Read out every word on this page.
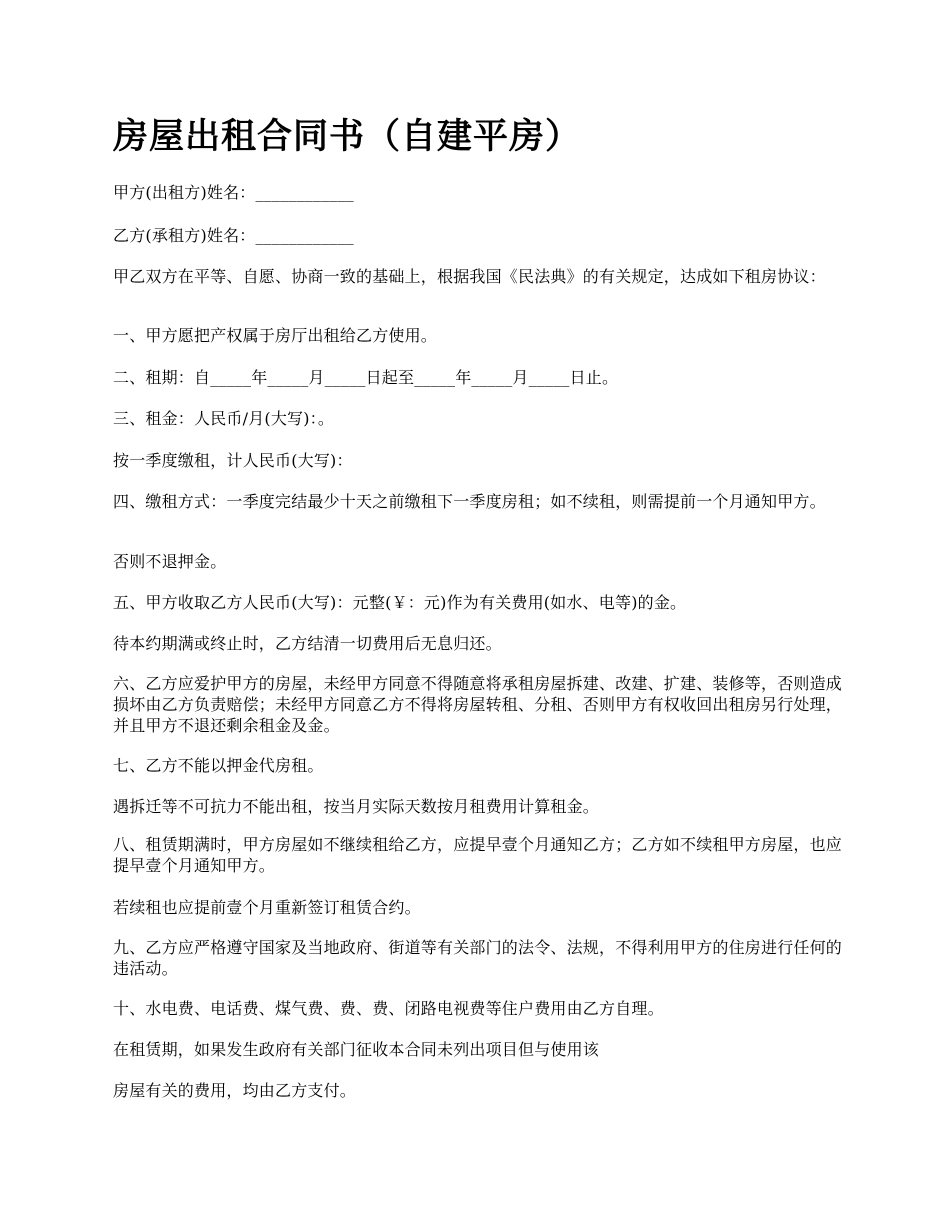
房屋出租合同书（自建平房）

甲方(出租方)姓名：____________

乙方(承租方)姓名：____________

甲乙双方在平等、自愿、协商一致的基础上，根据我国《民法典》的有关规定，达成如下租房协议：

一、甲方愿把产权属于房厅出租给乙方使用。

二、租期：自_____年_____月_____日起至_____年_____月_____日止。

三、租金：人民币/月(大写)：。

按一季度缴租，计人民币(大写)：

四、缴租方式：一季度完结最少十天之前缴租下一季度房租；如不续租，则需提前一个月通知甲方。

否则不退押金。

五、甲方收取乙方人民币(大写)：元整(￥：元)作为有关费用(如水、电等)的金。

待本约期满或终止时，乙方结清一切费用后无息归还。

六、乙方应爱护甲方的房屋，未经甲方同意不得随意将承租房屋拆建、改建、扩建、装修等，否则造成损坏由乙方负责赔偿；未经甲方同意乙方不得将房屋转租、分租、否则甲方有权收回出租房另行处理，并且甲方不退还剩余租金及金。

七、乙方不能以押金代房租。

遇拆迁等不可抗力不能出租，按当月实际天数按月租费用计算租金。

八、租赁期满时，甲方房屋如不继续租给乙方，应提早壹个月通知乙方；乙方如不续租甲方房屋，也应提早壹个月通知甲方。

若续租也应提前壹个月重新签订租赁合约。

九、乙方应严格遵守国家及当地政府、街道等有关部门的法令、法规，不得利用甲方的住房进行任何的违活动。

十、水电费、电话费、煤气费、费、费、闭路电视费等住户费用由乙方自理。

在租赁期，如果发生政府有关部门征收本合同未列出项目但与使用该

房屋有关的费用，均由乙方支付。
